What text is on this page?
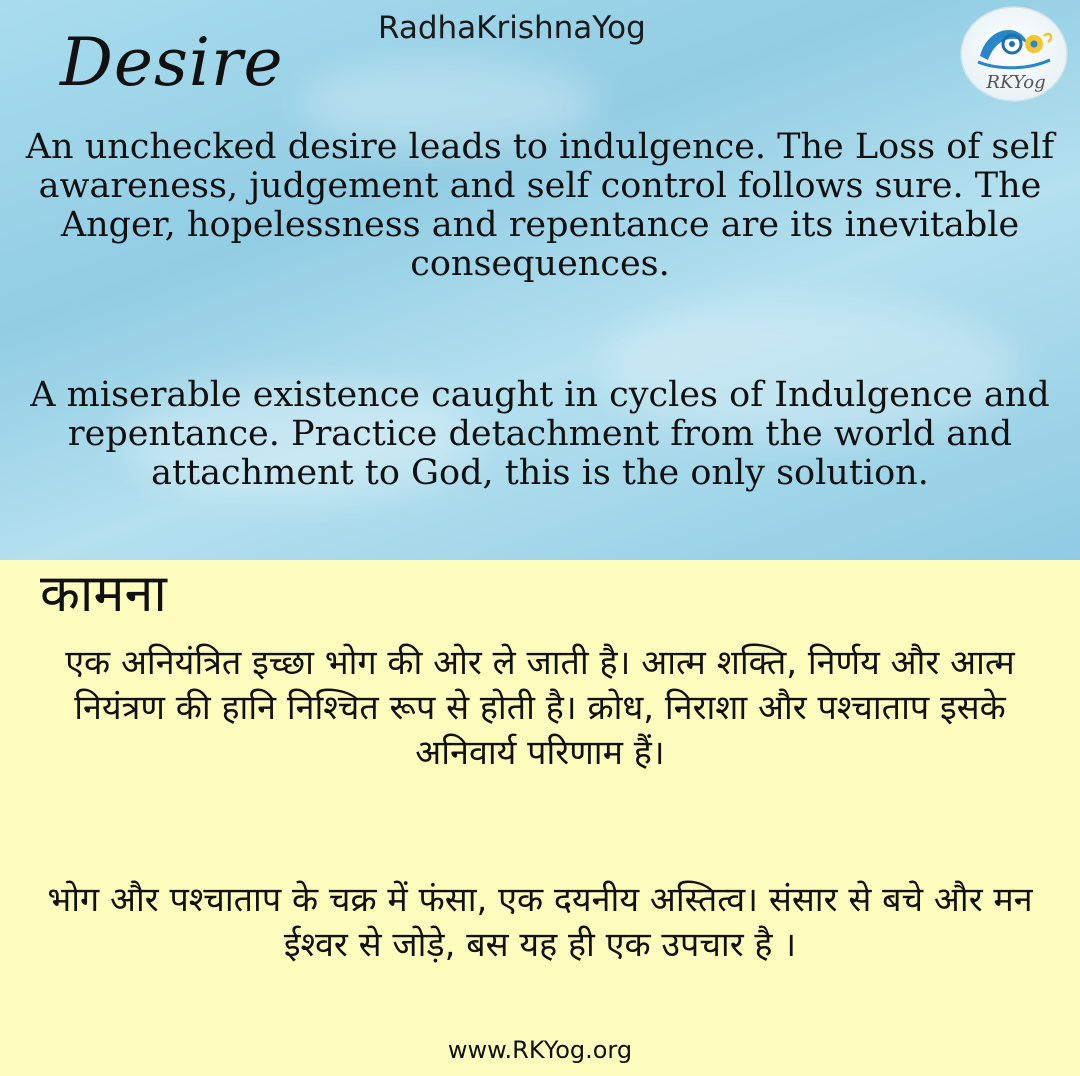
Desire	RadhaKrishnaYog
RKYog

An unchecked desire leads to indulgence. The Loss of self awareness, judgement and self control follows sure. The Anger, hopelessness and repentance are its inevitable consequences.

A miserable existence caught in cycles of Indulgence and repentance. Practice detachment from the world and attachment to God, this is the only solution.

कामना

एक अनियंत्रित इच्छा भोग की ओर ले जाती है। आत्म शक्ति, निर्णय और आत्म नियंत्रण की हानि निश्चित रूप से होती है। क्रोध, निराशा और पश्चाताप इसके अनिवार्य परिणाम हैं।

भोग और पश्चाताप के चक्र में फंसा, एक दयनीय अस्तित्व। संसार से बचे और मन ईश्वर से जोड़े, बस यह ही एक उपचार है ।

www.RKYog.org
